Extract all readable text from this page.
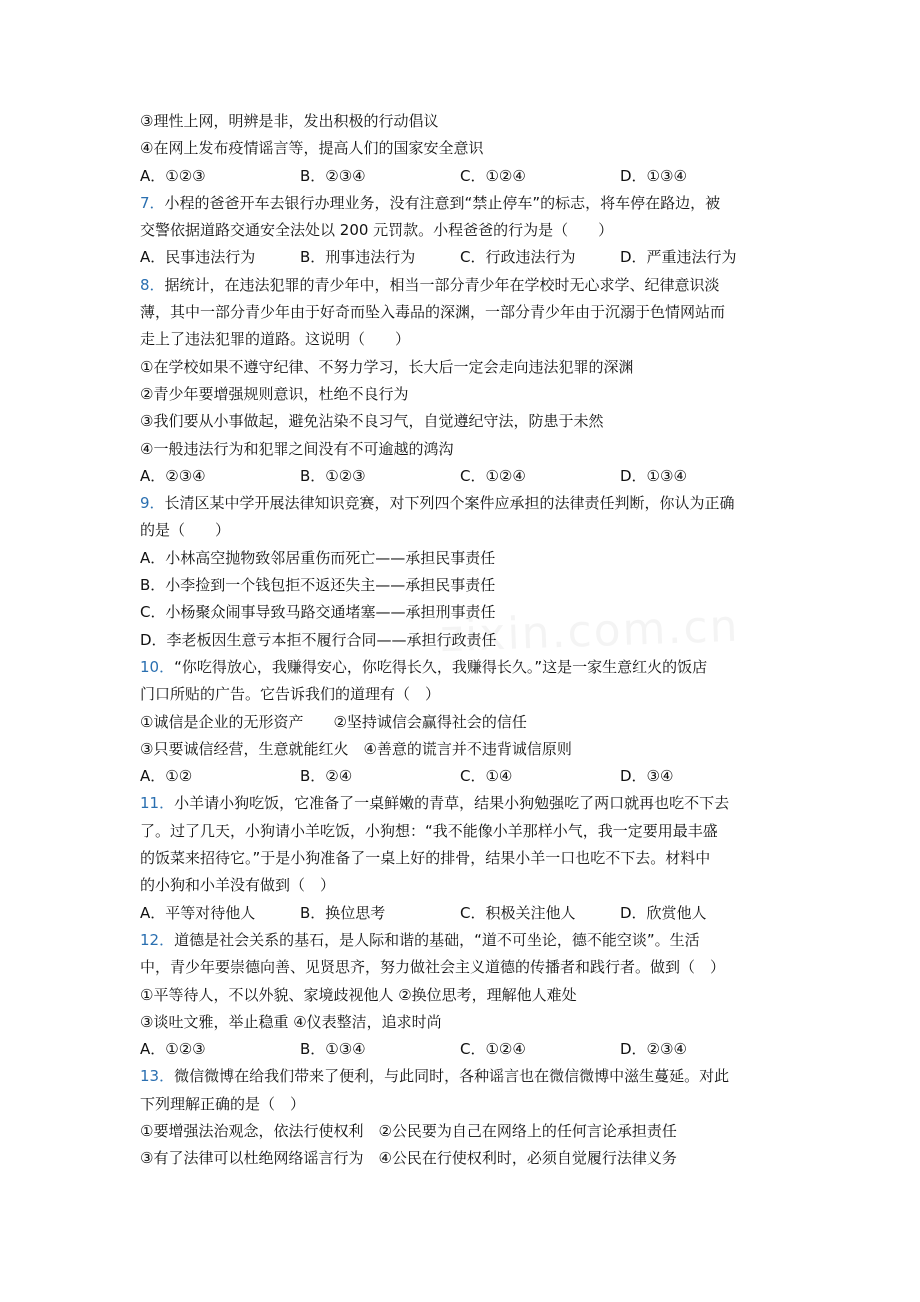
③理性上网，明辨是非，发出积极的行动倡议
④在网上发布疫情谣言等，提高人们的国家安全意识
A．①②③	B．②③④	C．①②④	D．①③④
7．小程的爸爸开车去银行办理业务，没有注意到“禁止停车”的标志，将车停在路边，被
交警依据道路交通安全法处以 200 元罚款。小程爸爸的行为是（　　）
A．民事违法行为	B．刑事违法行为	C．行政违法行为	D．严重违法行为
8．据统计，在违法犯罪的青少年中，相当一部分青少年在学校时无心求学、纪律意识淡
薄，其中一部分青少年由于好奇而坠入毒品的深渊，一部分青少年由于沉溺于色情网站而
走上了违法犯罪的道路。这说明（　　）
①在学校如果不遵守纪律、不努力学习，长大后一定会走向违法犯罪的深渊
②青少年要增强规则意识，杜绝不良行为
③我们要从小事做起，避免沾染不良习气，自觉遵纪守法，防患于未然
④一般违法行为和犯罪之间没有不可逾越的鸿沟
A．②③④	B．①②③	C．①②④	D．①③④
9．长清区某中学开展法律知识竞赛，对下列四个案件应承担的法律责任判断，你认为正确
的是（　　）
A．小林高空抛物致邻居重伤而死亡——承担民事责任
B．小李捡到一个钱包拒不返还失主——承担民事责任
C．小杨聚众闹事导致马路交通堵塞——承担刑事责任
D．李老板因生意亏本拒不履行合同——承担行政责任
10．“你吃得放心，我赚得安心，你吃得长久，我赚得长久。”这是一家生意红火的饭店
门口所贴的广告。它告诉我们的道理有（　）
①诚信是企业的无形资产　　②坚持诚信会赢得社会的信任
③只要诚信经营，生意就能红火　④善意的谎言并不违背诚信原则
A．①②	B．②④	C．①④	D．③④
11．小羊请小狗吃饭，它准备了一桌鲜嫩的青草，结果小狗勉强吃了两口就再也吃不下去
了。过了几天，小狗请小羊吃饭，小狗想：“我不能像小羊那样小气，我一定要用最丰盛
的饭菜来招待它。”于是小狗准备了一桌上好的排骨，结果小羊一口也吃不下去。材料中
的小狗和小羊没有做到（　）
A．平等对待他人	B．换位思考	C．积极关注他人	D．欣赏他人
12．道德是社会关系的基石，是人际和谐的基础，“道不可坐论，德不能空谈”。生活
中，青少年要崇德向善、见贤思齐，努力做社会主义道德的传播者和践行者。做到（　）
①平等待人，不以外貌、家境歧视他人 ②换位思考，理解他人难处
③谈吐文雅，举止稳重 ④仪表整洁，追求时尚
A．①②③	B．①③④	C．①②④	D．②③④
13．微信微博在给我们带来了便利，与此同时，各种谣言也在微信微博中滋生蔓延。对此
下列理解正确的是（　）
①要增强法治观念，依法行使权利　②公民要为自己在网络上的任何言论承担责任
③有了法律可以杜绝网络谣言行为　④公民在行使权利时，必须自觉履行法律义务
